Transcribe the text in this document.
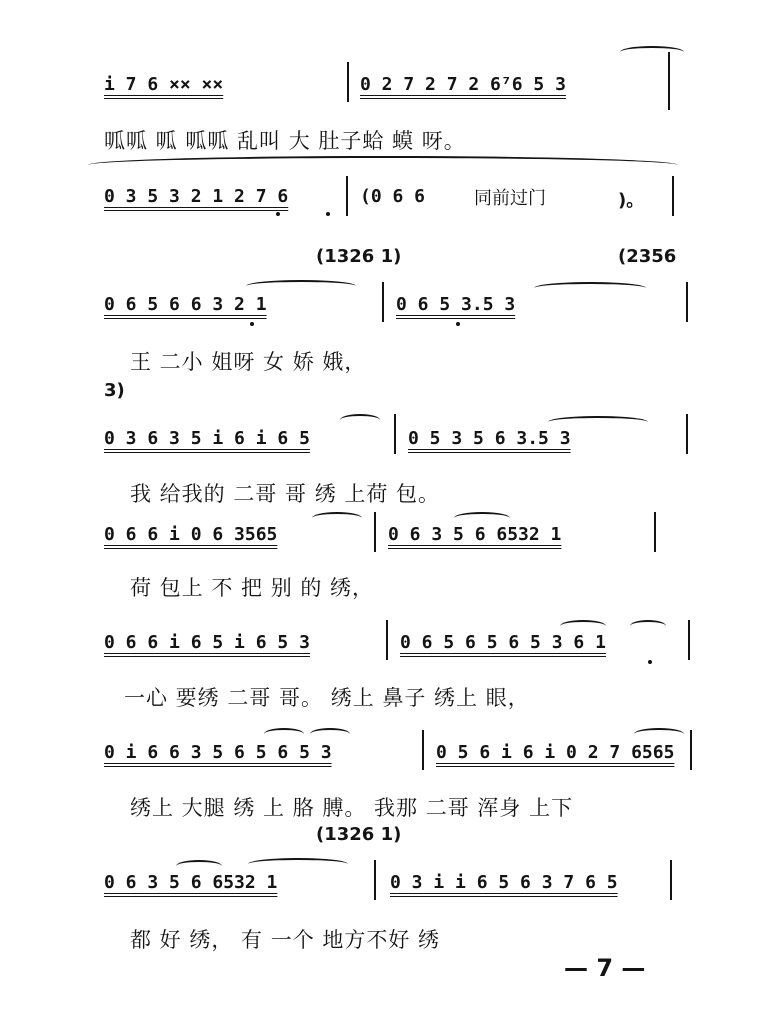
i 7 6 ×× ××	0 2 7 2 7 2 6⁷6 5 3
呱呱 呱 呱呱 乱叫 大 肚子蛤 蟆 呀。
0 3 5 3 2 1 2 7 6	(0 6 6	同前过门	)。
(1326 1)	(2356
0 6 5 6 6 3 2 1	0 6 5 3.5 3
王 二小 姐呀 女 娇 娥，
3)
0 3 6 3 5 i 6 i 6 5	0 5 3 5 6 3.5 3
我 给我的 二哥 哥 绣 上荷 包。
0 6 6 i 0 6 3565	0 6 3 5 6 6532 1
荷 包上 不 把 别 的 绣，
0 6 6 i 6 5 i 6 5 3	0 6 5 6 5 6 5 3 6 1
一心 要绣 二哥 哥。 绣上 鼻子 绣上 眼，
0 i 6 6 3 5 6 5 6 5 3	0 5 6 i 6 i 0 2 7 6565
绣上 大腿 绣 上 胳 膊。 我那 二哥 浑身 上下
(1326 1)
0 6 3 5 6 6532 1	0 3 i i 6 5 6 3 7 6 5
都 好 绣， 有 一个 地方不好 绣
— 7 —
